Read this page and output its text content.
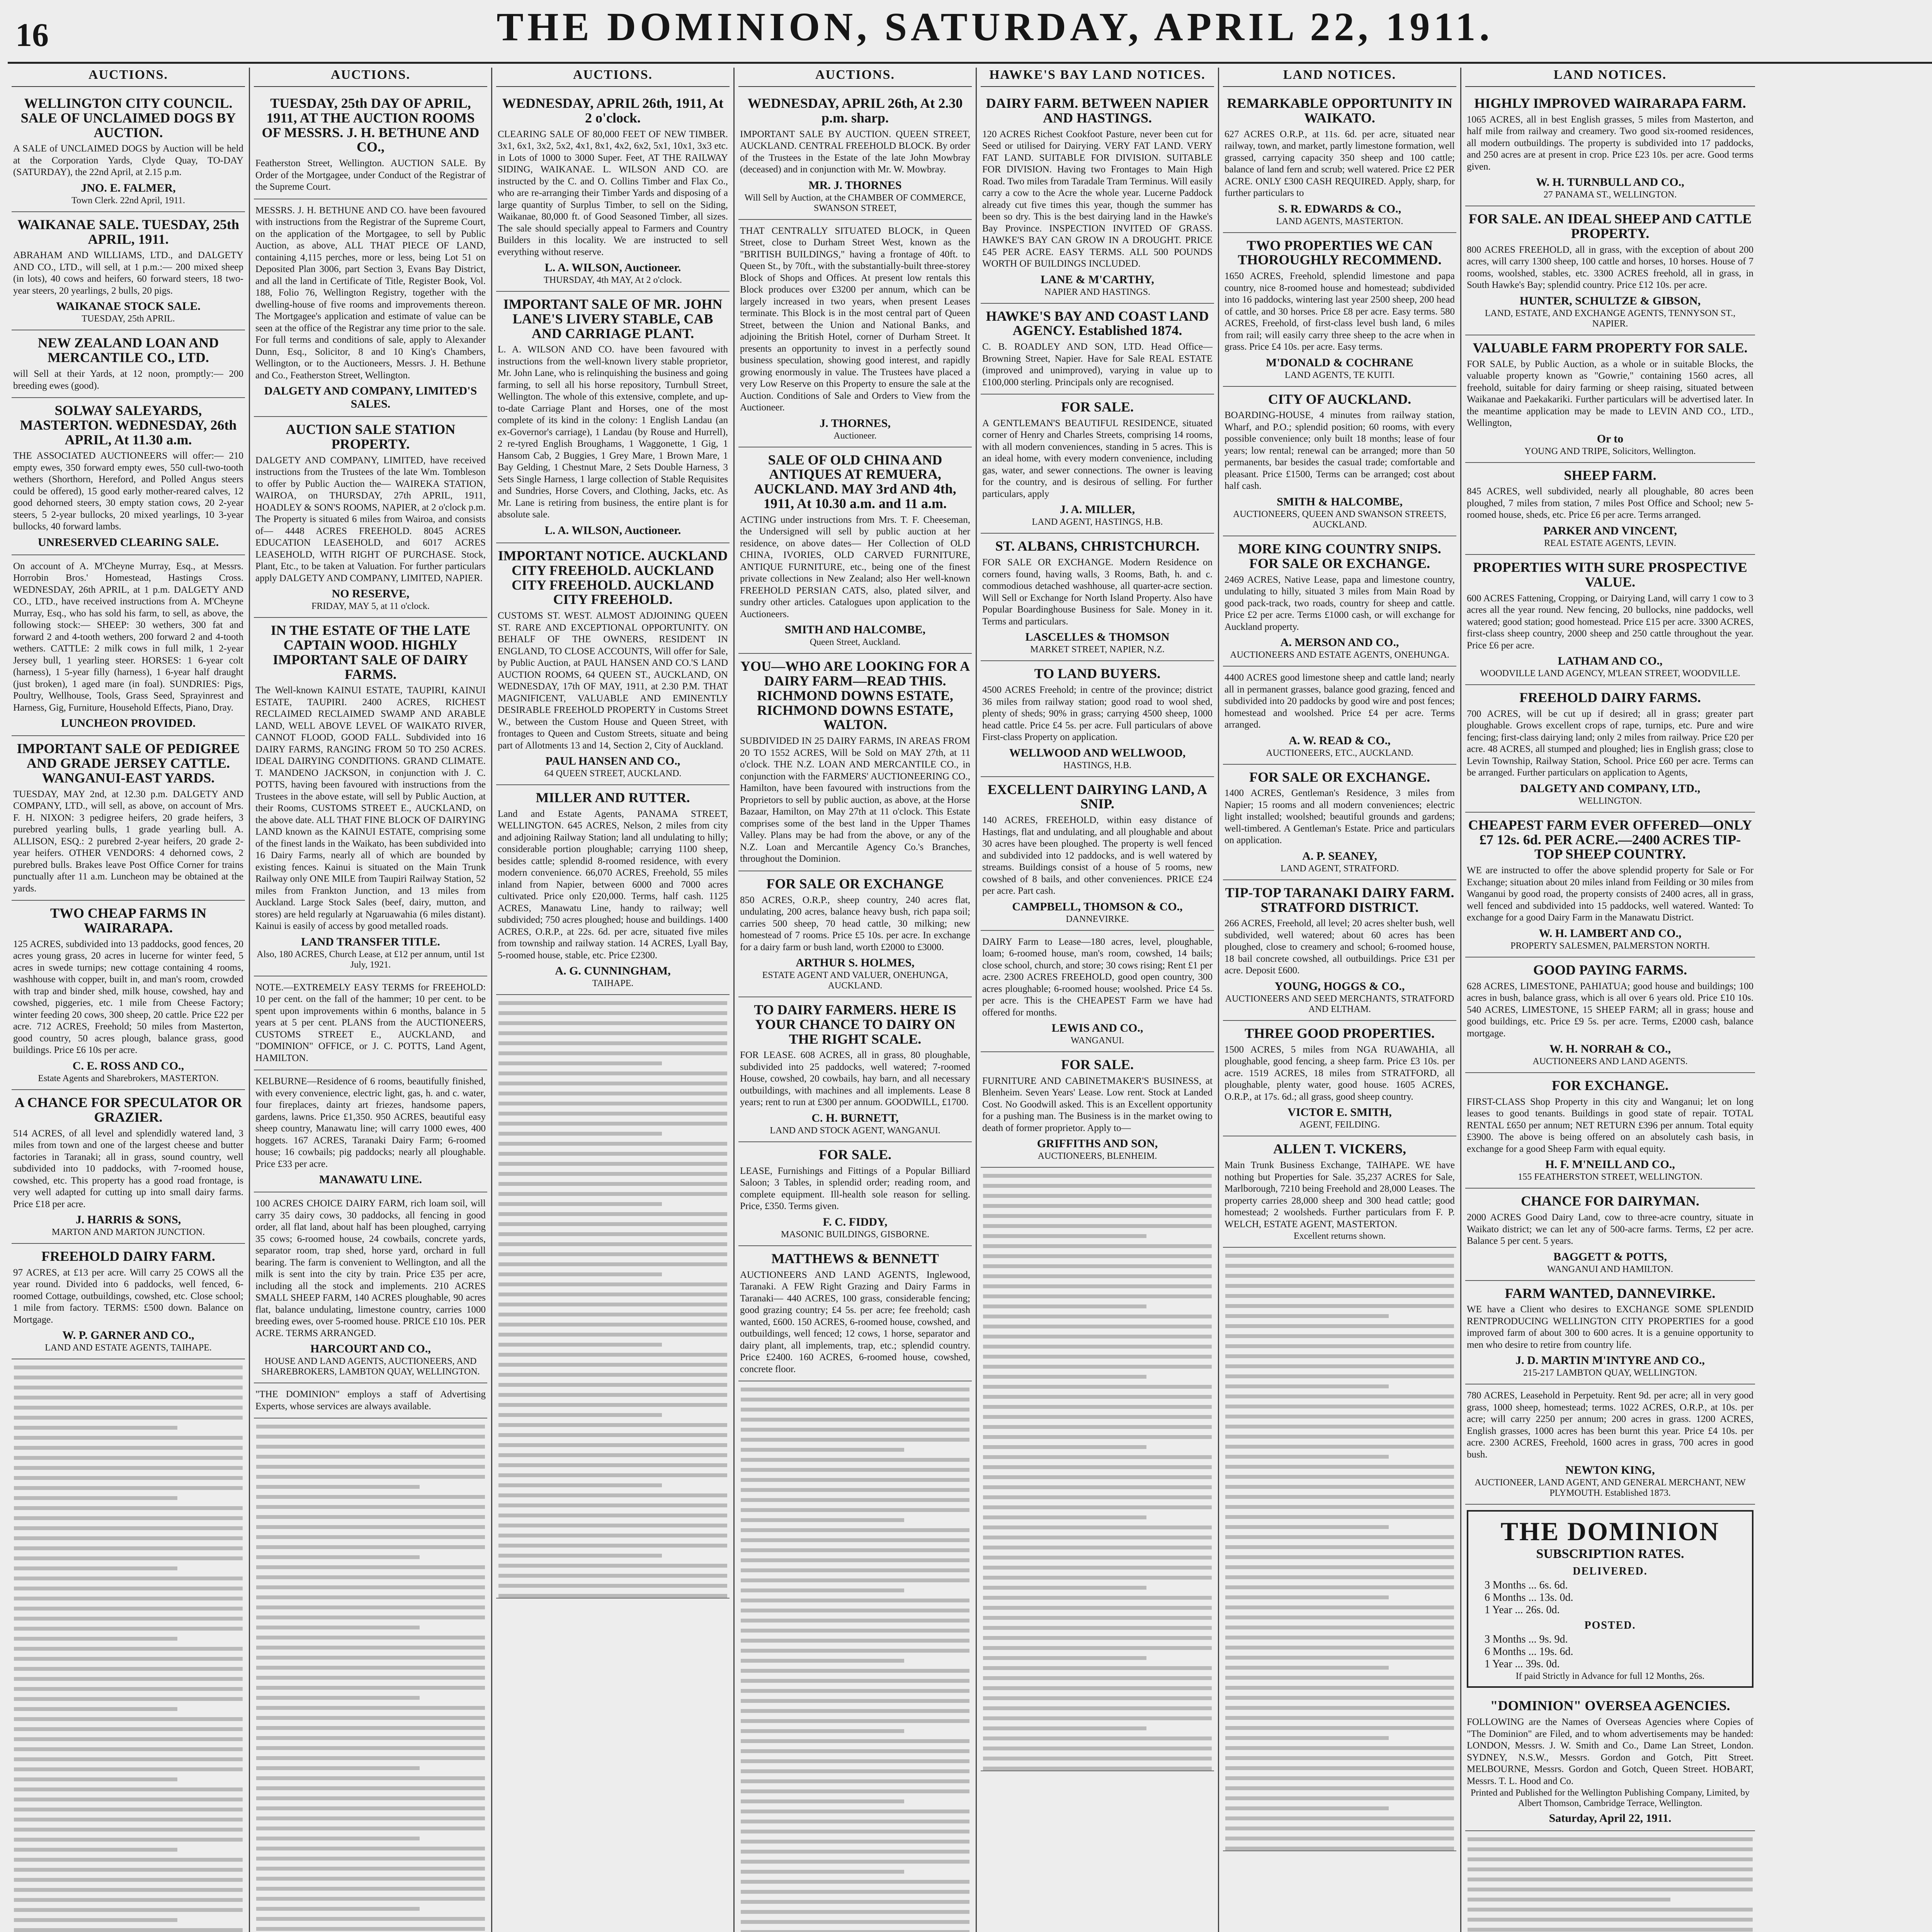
16	THE DOMINION, SATURDAY, APRIL 22, 1911.
AUCTIONS.
WELLINGTON CITY COUNCIL. SALE OF UNCLAIMED DOGS BY AUCTION.
A SALE of UNCLAIMED DOGS by Auction will be held at the Corporation Yards, Clyde Quay, TO-DAY (SATURDAY), the 22nd April, at 2.15 p.m.
JNO. E. FALMER,
Town Clerk. 22nd April, 1911.
WAIKANAE SALE. TUESDAY, 25th APRIL, 1911.
ABRAHAM AND WILLIAMS, LTD., and DALGETY AND CO., LTD., will sell, at 1 p.m.:— 200 mixed sheep (in lots), 40 cows and heifers, 60 forward steers, 18 two-year steers, 20 yearlings, 2 bulls, 20 pigs.
WAIKANAE STOCK SALE.
TUESDAY, 25th APRIL.
NEW ZEALAND LOAN AND MERCANTILE CO., LTD.
will Sell at their Yards, at 12 noon, promptly:— 200 breeding ewes (good).
SOLWAY SALEYARDS, MASTERTON. WEDNESDAY, 26th APRIL, At 11.30 a.m.
THE ASSOCIATED AUCTIONEERS will offer:— 210 empty ewes, 350 forward empty ewes, 550 cull-two-tooth wethers (Shorthorn, Hereford, and Polled Angus steers could be offered), 15 good early mother-reared calves, 12 good dehorned steers, 30 empty station cows, 20 2-year steers, 5 2-year bullocks, 20 mixed yearlings, 10 3-year bullocks, 40 forward lambs.
UNRESERVED CLEARING SALE.
On account of A. M'Cheyne Murray, Esq., at Messrs. Horrobin Bros.' Homestead, Hastings Cross. WEDNESDAY, 26th APRIL, at 1 p.m. DALGETY AND CO., LTD., have received instructions from A. M'Cheyne Murray, Esq., who has sold his farm, to sell, as above, the following stock:— SHEEP: 30 wethers, 300 fat and forward 2 and 4-tooth wethers, 200 forward 2 and 4-tooth wethers. CATTLE: 2 milk cows in full milk, 1 2-year Jersey bull, 1 yearling steer. HORSES: 1 6-year colt (harness), 1 5-year filly (harness), 1 6-year half draught (just broken), 1 aged mare (in foal). SUNDRIES: Pigs, Poultry, Wellhouse, Tools, Grass Seed, Sprayinrest and Harness, Gig, Furniture, Household Effects, Piano, Dray.
LUNCHEON PROVIDED.
IMPORTANT SALE OF PEDIGREE AND GRADE JERSEY CATTLE. WANGANUI-EAST YARDS.
TUESDAY, MAY 2nd, at 12.30 p.m. DALGETY AND COMPANY, LTD., will sell, as above, on account of Mrs. F. H. NIXON: 3 pedigree heifers, 20 grade heifers, 3 purebred yearling bulls, 1 grade yearling bull. A. ALLISON, ESQ.: 2 purebred 2-year heifers, 20 grade 2-year heifers. OTHER VENDORS: 4 dehorned cows, 2 purebred bulls. Brakes leave Post Office Corner for trains punctually after 11 a.m. Luncheon may be obtained at the yards.
TWO CHEAP FARMS IN WAIRARAPA.
125 ACRES, subdivided into 13 paddocks, good fences, 20 acres young grass, 20 acres in lucerne for winter feed, 5 acres in swede turnips; new cottage containing 4 rooms, washhouse with copper, built in, and man's room, crowded with trap and binder shed, milk house, cowshed, hay and cowshed, piggeries, etc. 1 mile from Cheese Factory; winter feeding 20 cows, 300 sheep, 20 cattle. Price £22 per acre. 712 ACRES, Freehold; 50 miles from Masterton, good country, 50 acres plough, balance grass, good buildings. Price £6 10s per acre.
C. E. ROSS AND CO.,
Estate Agents and Sharebrokers, MASTERTON.
A CHANCE FOR SPECULATOR OR GRAZIER.
514 ACRES, of all level and splendidly watered land, 3 miles from town and one of the largest cheese and butter factories in Taranaki; all in grass, sound country, well subdivided into 10 paddocks, with 7-roomed house, cowshed, etc. This property has a good road frontage, is very well adapted for cutting up into small dairy farms. Price £18 per acre.
J. HARRIS & SONS,
MARTON AND MARTON JUNCTION.
FREEHOLD DAIRY FARM.
97 ACRES, at £13 per acre. Will carry 25 COWS all the year round. Divided into 6 paddocks, well fenced, 6-roomed Cottage, outbuildings, cowshed, etc. Close school; 1 mile from factory. TERMS: £500 down. Balance on Mortgage.
W. P. GARNER AND CO.,
LAND AND ESTATE AGENTS, TAIHAPE.
AUCTIONS.
TUESDAY, 25th DAY OF APRIL, 1911, AT THE AUCTION ROOMS OF MESSRS. J. H. BETHUNE AND CO.,
Featherston Street, Wellington. AUCTION SALE. By Order of the Mortgagee, under Conduct of the Registrar of the Supreme Court.
MESSRS. J. H. BETHUNE AND CO. have been favoured with instructions from the Registrar of the Supreme Court, on the application of the Mortgagee, to sell by Public Auction, as above, ALL THAT PIECE OF LAND, containing 4,115 perches, more or less, being Lot 51 on Deposited Plan 3006, part Section 3, Evans Bay District, and all the land in Certificate of Title, Register Book, Vol. 188, Folio 76, Wellington Registry, together with the dwelling-house of five rooms and improvements thereon. The Mortgagee's application and estimate of value can be seen at the office of the Registrar any time prior to the sale. For full terms and conditions of sale, apply to Alexander Dunn, Esq., Solicitor, 8 and 10 King's Chambers, Wellington, or to the Auctioneers, Messrs. J. H. Bethune and Co., Featherston Street, Wellington.
DALGETY AND COMPANY, LIMITED'S SALES.
AUCTION SALE STATION PROPERTY.
DALGETY AND COMPANY, LIMITED, have received instructions from the Trustees of the late Wm. Tombleson to offer by Public Auction the— WAIREKA STATION, WAIROA, on THURSDAY, 27th APRIL, 1911, HOADLEY & SON'S ROOMS, NAPIER, at 2 o'clock p.m. The Property is situated 6 miles from Wairoa, and consists of— 4448 ACRES FREEHOLD. 8045 ACRES EDUCATION LEASEHOLD, and 6017 ACRES LEASEHOLD, WITH RIGHT OF PURCHASE. Stock, Plant, Etc., to be taken at Valuation. For further particulars apply DALGETY AND COMPANY, LIMITED, NAPIER.
NO RESERVE,
FRIDAY, MAY 5, at 11 o'clock.
IN THE ESTATE OF THE LATE CAPTAIN WOOD. HIGHLY IMPORTANT SALE OF DAIRY FARMS.
The Well-known KAINUI ESTATE, TAUPIRI, KAINUI ESTATE, TAUPIRI. 2400 ACRES, RICHEST RECLAIMED RECLAIMED SWAMP AND ARABLE LAND, WELL ABOVE LEVEL OF WAIKATO RIVER, CANNOT FLOOD, GOOD FALL. Subdivided into 16 DAIRY FARMS, RANGING FROM 50 TO 250 ACRES. IDEAL DAIRYING CONDITIONS. GRAND CLIMATE. T. MANDENO JACKSON, in conjunction with J. C. POTTS, having been favoured with instructions from the Trustees in the above estate, will sell by Public Auction, at their Rooms, CUSTOMS STREET E., AUCKLAND, on the above date. ALL THAT FINE BLOCK OF DAIRYING LAND known as the KAINUI ESTATE, comprising some of the finest lands in the Waikato, has been subdivided into 16 Dairy Farms, nearly all of which are bounded by existing fences. Kainui is situated on the Main Trunk Railway only ONE MILE from Taupiri Railway Station, 52 miles from Frankton Junction, and 13 miles from Auckland. Large Stock Sales (beef, dairy, mutton, and stores) are held regularly at Ngaruawahia (6 miles distant). Kainui is easily of access by good metalled roads.
LAND TRANSFER TITLE.
Also, 180 ACRES, Church Lease, at £12 per annum, until 1st July, 1921.
NOTE.—EXTREMELY EASY TERMS for FREEHOLD: 10 per cent. on the fall of the hammer; 10 per cent. to be spent upon improvements within 6 months, balance in 5 years at 5 per cent. PLANS from the AUCTIONEERS, CUSTOMS STREET E., AUCKLAND, and "DOMINION" OFFICE, or J. C. POTTS, Land Agent, HAMILTON.
KELBURNE—Residence of 6 rooms, beautifully finished, with every convenience, electric light, gas, h. and c. water, four fireplaces, dainty art friezes, handsome papers, gardens, lawns. Price £1,350. 950 ACRES, beautiful easy sheep country, Manawatu line; will carry 1000 ewes, 400 hoggets. 167 ACRES, Taranaki Dairy Farm; 6-roomed house; 16 cowbails; pig paddocks; nearly all ploughable. Price £33 per acre.
MANAWATU LINE.
100 ACRES CHOICE DAIRY FARM, rich loam soil, will carry 35 dairy cows, 30 paddocks, all fencing in good order, all flat land, about half has been ploughed, carrying 35 cows; 6-roomed house, 24 cowbails, concrete yards, separator room, trap shed, horse yard, orchard in full bearing. The farm is convenient to Wellington, and all the milk is sent into the city by train. Price £35 per acre, including all the stock and implements. 210 ACRES SMALL SHEEP FARM, 140 ACRES ploughable, 90 acres flat, balance undulating, limestone country, carries 1000 breeding ewes, over 5-roomed house. PRICE £10 10s. PER ACRE. TERMS ARRANGED.
HARCOURT AND CO.,
HOUSE AND LAND AGENTS, AUCTIONEERS, AND SHAREBROKERS, LAMBTON QUAY, WELLINGTON.
"THE DOMINION" employs a staff of Advertising Experts, whose services are always available.
AUCTIONS.
WEDNESDAY, APRIL 26th, 1911, At 2 o'clock.
CLEARING SALE OF 80,000 FEET OF NEW TIMBER. 3x1, 6x1, 3x2, 5x2, 4x1, 8x1, 4x2, 6x2, 5x1, 10x1, 3x3 etc. in Lots of 1000 to 3000 Super. Feet, AT THE RAILWAY SIDING, WAIKANAE. L. WILSON AND CO. are instructed by the C. and O. Collins Timber and Flax Co., who are re-arranging their Timber Yards and disposing of a large quantity of Surplus Timber, to sell on the Siding, Waikanae, 80,000 ft. of Good Seasoned Timber, all sizes. The sale should specially appeal to Farmers and Country Builders in this locality. We are instructed to sell everything without reserve.
L. A. WILSON, Auctioneer.
THURSDAY, 4th MAY, At 2 o'clock.
IMPORTANT SALE OF MR. JOHN LANE'S LIVERY STABLE, CAB AND CARRIAGE PLANT.
L. A. WILSON AND CO. have been favoured with instructions from the well-known livery stable proprietor, Mr. John Lane, who is relinquishing the business and going farming, to sell all his horse repository, Turnbull Street, Wellington. The whole of this extensive, complete, and up-to-date Carriage Plant and Horses, one of the most complete of its kind in the colony: 1 English Landau (an ex-Governor's carriage), 1 Landau (by Rouse and Hurrell), 2 re-tyred English Broughams, 1 Waggonette, 1 Gig, 1 Hansom Cab, 2 Buggies, 1 Grey Mare, 1 Brown Mare, 1 Bay Gelding, 1 Chestnut Mare, 2 Sets Double Harness, 3 Sets Single Harness, 1 large collection of Stable Requisites and Sundries, Horse Covers, and Clothing, Jacks, etc. As Mr. Lane is retiring from business, the entire plant is for absolute sale.
L. A. WILSON, Auctioneer.
IMPORTANT NOTICE. AUCKLAND CITY FREEHOLD. AUCKLAND CITY FREEHOLD. AUCKLAND CITY FREEHOLD.
CUSTOMS ST. WEST. ALMOST ADJOINING QUEEN ST. RARE AND EXCEPTIONAL OPPORTUNITY. ON BEHALF OF THE OWNERS, RESIDENT IN ENGLAND, TO CLOSE ACCOUNTS, Will offer for Sale, by Public Auction, at PAUL HANSEN AND CO.'S LAND AUCTION ROOMS, 64 QUEEN ST., AUCKLAND, ON WEDNESDAY, 17th OF MAY, 1911, at 2.30 P.M. THAT MAGNIFICENT, VALUABLE AND EMINENTLY DESIRABLE FREEHOLD PROPERTY in Customs Street W., between the Custom House and Queen Street, with frontages to Queen and Custom Streets, situate and being part of Allotments 13 and 14, Section 2, City of Auckland.
PAUL HANSEN AND CO.,
64 QUEEN STREET, AUCKLAND.
MILLER AND RUTTER.
Land and Estate Agents, PANAMA STREET, WELLINGTON. 645 ACRES, Nelson, 2 miles from city and adjoining Railway Station; land all undulating to hilly; considerable portion ploughable; carrying 1100 sheep, besides cattle; splendid 8-roomed residence, with every modern convenience. 66,070 ACRES, Freehold, 55 miles inland from Napier, between 6000 and 7000 acres cultivated. Price only £20,000. Terms, half cash. 1125 ACRES, Manawatu Line, handy to railway; well subdivided; 750 acres ploughed; house and buildings. 1400 ACRES, O.R.P., at 22s. 6d. per acre, situated five miles from township and railway station. 14 ACRES, Lyall Bay, 5-roomed house, stable, etc. Price £2300.
A. G. CUNNINGHAM,
TAIHAPE.
AUCTIONS.
WEDNESDAY, APRIL 26th, At 2.30 p.m. sharp.
IMPORTANT SALE BY AUCTION. QUEEN STREET, AUCKLAND. CENTRAL FREEHOLD BLOCK. By order of the Trustees in the Estate of the late John Mowbray (deceased) and in conjunction with Mr. W. Mowbray.
MR. J. THORNES
Will Sell by Auction, at the CHAMBER OF COMMERCE, SWANSON STREET,
THAT CENTRALLY SITUATED BLOCK, in Queen Street, close to Durham Street West, known as the "BRITISH BUILDINGS," having a frontage of 40ft. to Queen St., by 70ft., with the substantially-built three-storey Block of Shops and Offices. At present low rentals this Block produces over £3200 per annum, which can be largely increased in two years, when present Leases terminate. This Block is in the most central part of Queen Street, between the Union and National Banks, and adjoining the British Hotel, corner of Durham Street. It presents an opportunity to invest in a perfectly sound business speculation, showing good interest, and rapidly growing enormously in value. The Trustees have placed a very Low Reserve on this Property to ensure the sale at the Auction. Conditions of Sale and Orders to View from the Auctioneer.
J. THORNES,
Auctioneer.
SALE OF OLD CHINA AND ANTIQUES AT REMUERA, AUCKLAND. MAY 3rd AND 4th, 1911, At 10.30 a.m. and 11 a.m.
ACTING under instructions from Mrs. T. F. Cheeseman, the Undersigned will sell by public auction at her residence, on above dates— Her Collection of OLD CHINA, IVORIES, OLD CARVED FURNITURE, ANTIQUE FURNITURE, etc., being one of the finest private collections in New Zealand; also Her well-known FREEHOLD PERSIAN CATS, also, plated silver, and sundry other articles. Catalogues upon application to the Auctioneers.
SMITH AND HALCOMBE,
Queen Street, Auckland.
YOU—WHO ARE LOOKING FOR A DAIRY FARM—READ THIS. RICHMOND DOWNS ESTATE, RICHMOND DOWNS ESTATE, WALTON.
SUBDIVIDED IN 25 DAIRY FARMS, IN AREAS FROM 20 TO 1552 ACRES, Will be Sold on MAY 27th, at 11 o'clock. THE N.Z. LOAN AND MERCANTILE CO., in conjunction with the FARMERS' AUCTIONEERING CO., Hamilton, have been favoured with instructions from the Proprietors to sell by public auction, as above, at the Horse Bazaar, Hamilton, on May 27th at 11 o'clock. This Estate comprises some of the best land in the Upper Thames Valley. Plans may be had from the above, or any of the N.Z. Loan and Mercantile Agency Co.'s Branches, throughout the Dominion.
FOR SALE OR EXCHANGE
850 ACRES, O.R.P., sheep country, 240 acres flat, undulating, 200 acres, balance heavy bush, rich papa soil; carries 500 sheep, 70 head cattle, 30 milking; new homestead of 7 rooms. Price £5 10s. per acre. In exchange for a dairy farm or bush land, worth £2000 to £3000.
ARTHUR S. HOLMES,
ESTATE AGENT AND VALUER, ONEHUNGA, AUCKLAND.
TO DAIRY FARMERS. HERE IS YOUR CHANCE TO DAIRY ON THE RIGHT SCALE.
FOR LEASE. 608 ACRES, all in grass, 80 ploughable, subdivided into 25 paddocks, well watered; 7-roomed House, cowshed, 20 cowbails, hay barn, and all necessary outbuildings, with machines and all implements. Lease 8 years; rent to run at £300 per annum. GOODWILL, £1700.
C. H. BURNETT,
LAND AND STOCK AGENT, WANGANUI.
FOR SALE.
LEASE, Furnishings and Fittings of a Popular Billiard Saloon; 3 Tables, in splendid order; reading room, and complete equipment. Ill-health sole reason for selling. Price, £350. Terms given.
F. C. FIDDY,
MASONIC BUILDINGS, GISBORNE.
MATTHEWS & BENNETT
AUCTIONEERS AND LAND AGENTS, Inglewood, Taranaki. A FEW Right Grazing and Dairy Farms in Taranaki— 440 ACRES, 100 grass, considerable fencing; good grazing country; £4 5s. per acre; fee freehold; cash wanted, £600. 150 ACRES, 6-roomed house, cowshed, and outbuildings, well fenced; 12 cows, 1 horse, separator and dairy plant, all implements, trap, etc.; splendid country. Price £2400. 160 ACRES, 6-roomed house, cowshed, concrete floor.
HAWKE'S BAY LAND NOTICES.
DAIRY FARM. BETWEEN NAPIER AND HASTINGS.
120 ACRES Richest Cookfoot Pasture, never been cut for Seed or utilised for Dairying. VERY FAT LAND. VERY FAT LAND. SUITABLE FOR DIVISION. SUITABLE FOR DIVISION. Having two Frontages to Main High Road. Two miles from Taradale Tram Terminus. Will easily carry a cow to the Acre the whole year. Lucerne Paddock already cut five times this year, though the summer has been so dry. This is the best dairying land in the Hawke's Bay Province. INSPECTION INVITED OF GRASS. HAWKE'S BAY CAN GROW IN A DROUGHT. PRICE £45 PER ACRE. EASY TERMS. ALL 500 POUNDS WORTH OF BUILDINGS INCLUDED.
LANE & M'CARTHY,
NAPIER AND HASTINGS.
HAWKE'S BAY AND COAST LAND AGENCY. Established 1874.
C. B. ROADLEY AND SON, LTD. Head Office—Browning Street, Napier. Have for Sale REAL ESTATE (improved and unimproved), varying in value up to £100,000 sterling. Principals only are recognised.
FOR SALE.
A GENTLEMAN'S BEAUTIFUL RESIDENCE, situated corner of Henry and Charles Streets, comprising 14 rooms, with all modern conveniences, standing in 5 acres. This is an ideal home, with every modern convenience, including gas, water, and sewer connections. The owner is leaving for the country, and is desirous of selling. For further particulars, apply
J. A. MILLER,
LAND AGENT, HASTINGS, H.B.
ST. ALBANS, CHRISTCHURCH.
FOR SALE OR EXCHANGE. Modern Residence on corners found, having walls, 3 Rooms, Bath, h. and c. commodious detached washhouse, all quarter-acre section. Will Sell or Exchange for North Island Property. Also have Popular Boardinghouse Business for Sale. Money in it. Terms and particulars.
LASCELLES & THOMSON
MARKET STREET, NAPIER, N.Z.
TO LAND BUYERS.
4500 ACRES Freehold; in centre of the province; district 36 miles from railway station; good road to wool shed, plenty of sheds; 90% in grass; carrying 4500 sheep, 1000 head cattle. Price £4 5s. per acre. Full particulars of above First-class Property on application.
WELLWOOD AND WELLWOOD,
HASTINGS, H.B.
EXCELLENT DAIRYING LAND, A SNIP.
140 ACRES, FREEHOLD, within easy distance of Hastings, flat and undulating, and all ploughable and about 30 acres have been ploughed. The property is well fenced and subdivided into 12 paddocks, and is well watered by streams. Buildings consist of a house of 5 rooms, new cowshed of 8 bails, and other conveniences. PRICE £24 per acre. Part cash.
CAMPBELL, THOMSON & CO.,
DANNEVIRKE.
DAIRY Farm to Lease—180 acres, level, ploughable, loam; 6-roomed house, man's room, cowshed, 14 bails; close school, church, and store; 30 cows rising; Rent £1 per acre. 2300 ACRES FREEHOLD, good open country, 300 acres ploughable; 6-roomed house; woolshed. Price £4 5s. per acre. This is the CHEAPEST Farm we have had offered for months.
LEWIS AND CO.,
WANGANUI.
FOR SALE.
FURNITURE AND CABINETMAKER'S BUSINESS, at Blenheim. Seven Years' Lease. Low rent. Stock at Landed Cost. No Goodwill asked. This is an Excellent opportunity for a pushing man. The Business is in the market owing to death of former proprietor. Apply to—
GRIFFITHS AND SON,
AUCTIONEERS, BLENHEIM.
LAND NOTICES.
REMARKABLE OPPORTUNITY IN WAIKATO.
627 ACRES O.R.P., at 11s. 6d. per acre, situated near railway, town, and market, partly limestone formation, well grassed, carrying capacity 350 sheep and 100 cattle; balance of land fern and scrub; well watered. Price £2 PER ACRE. ONLY £300 CASH REQUIRED. Apply, sharp, for further particulars to
S. R. EDWARDS & CO.,
LAND AGENTS, MASTERTON.
TWO PROPERTIES WE CAN THOROUGHLY RECOMMEND.
1650 ACRES, Freehold, splendid limestone and papa country, nice 8-roomed house and homestead; subdivided into 16 paddocks, wintering last year 2500 sheep, 200 head of cattle, and 30 horses. Price £8 per acre. Easy terms. 580 ACRES, Freehold, of first-class level bush land, 6 miles from rail; will easily carry three sheep to the acre when in grass. Price £4 10s. per acre. Easy terms.
M'DONALD & COCHRANE
LAND AGENTS, TE KUITI.
CITY OF AUCKLAND.
BOARDING-HOUSE, 4 minutes from railway station, Wharf, and P.O.; splendid position; 60 rooms, with every possible convenience; only built 18 months; lease of four years; low rental; renewal can be arranged; more than 50 permanents, bar besides the casual trade; comfortable and pleasant. Price £1500, Terms can be arranged; cost about half cash.
SMITH & HALCOMBE,
AUCTIONEERS, QUEEN AND SWANSON STREETS, AUCKLAND.
MORE KING COUNTRY SNIPS. FOR SALE OR EXCHANGE.
2469 ACRES, Native Lease, papa and limestone country, undulating to hilly, situated 3 miles from Main Road by good pack-track, two roads, country for sheep and cattle. Price £2 per acre. Terms £1000 cash, or will exchange for Auckland property.
A. MERSON AND CO.,
AUCTIONEERS AND ESTATE AGENTS, ONEHUNGA.
4400 ACRES good limestone sheep and cattle land; nearly all in permanent grasses, balance good grazing, fenced and subdivided into 20 paddocks by good wire and post fences; homestead and woolshed. Price £4 per acre. Terms arranged.
A. W. READ & CO.,
AUCTIONEERS, ETC., AUCKLAND.
FOR SALE OR EXCHANGE.
1400 ACRES, Gentleman's Residence, 3 miles from Napier; 15 rooms and all modern conveniences; electric light installed; woolshed; beautiful grounds and gardens; well-timbered. A Gentleman's Estate. Price and particulars on application.
A. P. SEANEY,
LAND AGENT, STRATFORD.
TIP-TOP TARANAKI DAIRY FARM. STRATFORD DISTRICT.
266 ACRES, Freehold, all level; 20 acres shelter bush, well subdivided, well watered; about 60 acres has been ploughed, close to creamery and school; 6-roomed house, 18 bail concrete cowshed, all outbuildings. Price £31 per acre. Deposit £600.
YOUNG, HOGGS & CO.,
AUCTIONEERS AND SEED MERCHANTS, STRATFORD AND ELTHAM.
THREE GOOD PROPERTIES.
1500 ACRES, 5 miles from NGA RUAWAHIA, all ploughable, good fencing, a sheep farm. Price £3 10s. per acre. 1519 ACRES, 18 miles from STRATFORD, all ploughable, plenty water, good house. 1605 ACRES, O.R.P., at 17s. 6d.; all grass, good sheep country.
VICTOR E. SMITH,
AGENT, FEILDING.
ALLEN T. VICKERS,
Main Trunk Business Exchange, TAIHAPE. WE have nothing but Properties for Sale. 35,237 ACRES for Sale, Marlborough, 7210 being Freehold and 28,000 Leases. The property carries 28,000 sheep and 300 head cattle; good homestead; 2 woolsheds. Further particulars from F. P. WELCH, ESTATE AGENT, MASTERTON.
Excellent returns shown.
LAND NOTICES.
HIGHLY IMPROVED WAIRARAPA FARM.
1065 ACRES, all in best English grasses, 5 miles from Masterton, and half mile from railway and creamery. Two good six-roomed residences, all modern outbuildings. The property is subdivided into 17 paddocks, and 250 acres are at present in crop. Price £23 10s. per acre. Good terms given.
W. H. TURNBULL AND CO.,
27 PANAMA ST., WELLINGTON.
FOR SALE. AN IDEAL SHEEP AND CATTLE PROPERTY.
800 ACRES FREEHOLD, all in grass, with the exception of about 200 acres, will carry 1300 sheep, 100 cattle and horses, 10 horses. House of 7 rooms, woolshed, stables, etc. 3300 ACRES freehold, all in grass, in South Hawke's Bay; splendid country. Price £12 10s. per acre.
HUNTER, SCHULTZE & GIBSON,
LAND, ESTATE, AND EXCHANGE AGENTS, TENNYSON ST., NAPIER.
VALUABLE FARM PROPERTY FOR SALE.
FOR SALE, by Public Auction, as a whole or in suitable Blocks, the valuable property known as "Gowrie," containing 1560 acres, all freehold, suitable for dairy farming or sheep raising, situated between Waikanae and Paekakariki. Further particulars will be advertised later. In the meantime application may be made to LEVIN AND CO., LTD., Wellington,
Or to
YOUNG AND TRIPE, Solicitors, Wellington.
SHEEP FARM.
845 ACRES, well subdivided, nearly all ploughable, 80 acres been ploughed, 7 miles from station, 7 miles Post Office and School; new 5-roomed house, sheds, etc. Price £6 per acre. Terms arranged.
PARKER AND VINCENT,
REAL ESTATE AGENTS, LEVIN.
PROPERTIES WITH SURE PROSPECTIVE VALUE.
600 ACRES Fattening, Cropping, or Dairying Land, will carry 1 cow to 3 acres all the year round. New fencing, 20 bullocks, nine paddocks, well watered; good station; good homestead. Price £15 per acre. 3300 ACRES, first-class sheep country, 2000 sheep and 250 cattle throughout the year. Price £6 per acre.
LATHAM AND CO.,
WOODVILLE LAND AGENCY, M'LEAN STREET, WOODVILLE.
FREEHOLD DAIRY FARMS.
700 ACRES, will be cut up if desired; all in grass; greater part ploughable. Grows excellent crops of rape, turnips, etc. Pure and wire fencing; first-class dairying land; only 2 miles from railway. Price £20 per acre. 48 ACRES, all stumped and ploughed; lies in English grass; close to Levin Township, Railway Station, School. Price £60 per acre. Terms can be arranged. Further particulars on application to Agents,
DALGETY AND COMPANY, LTD.,
WELLINGTON.
CHEAPEST FARM EVER OFFERED—ONLY £7 12s. 6d. PER ACRE.—2400 ACRES TIP-TOP SHEEP COUNTRY.
WE are instructed to offer the above splendid property for Sale or For Exchange; situation about 20 miles inland from Feilding or 30 miles from Wanganui by good road, the property consists of 2400 acres, all in grass, well fenced and subdivided into 15 paddocks, well watered. Wanted: To exchange for a good Dairy Farm in the Manawatu District.
W. H. LAMBERT AND CO.,
PROPERTY SALESMEN, PALMERSTON NORTH.
GOOD PAYING FARMS.
628 ACRES, LIMESTONE, PAHIATUA; good house and buildings; 100 acres in bush, balance grass, which is all over 6 years old. Price £10 10s. 540 ACRES, LIMESTONE, 15 SHEEP FARM; all in grass; house and good buildings, etc. Price £9 5s. per acre. Terms, £2000 cash, balance mortgage.
W. H. NORRAH & CO.,
AUCTIONEERS AND LAND AGENTS.
FOR EXCHANGE.
FIRST-CLASS Shop Property in this city and Wanganui; let on long leases to good tenants. Buildings in good state of repair. TOTAL RENTAL £650 per annum; NET RETURN £396 per annum. Total equity £3900. The above is being offered on an absolutely cash basis, in exchange for a good Sheep Farm with equal equity.
H. F. M'NEILL AND CO.,
155 FEATHERSTON STREET, WELLINGTON.
CHANCE FOR DAIRYMAN.
2000 ACRES Good Dairy Land, cow to three-acre country, situate in Waikato district; we can let any of 500-acre farms. Terms, £2 per acre. Balance 5 per cent. 5 years.
BAGGETT & POTTS,
WANGANUI AND HAMILTON.
FARM WANTED, DANNEVIRKE.
WE have a Client who desires to EXCHANGE SOME SPLENDID RENTPRODUCING WELLINGTON CITY PROPERTIES for a good improved farm of about 300 to 600 acres. It is a genuine opportunity to men who desire to retire from country life.
J. D. MARTIN M'INTYRE AND CO.,
215-217 LAMBTON QUAY, WELLINGTON.
780 ACRES, Leasehold in Perpetuity. Rent 9d. per acre; all in very good grass, 1000 sheep, homestead; terms. 1022 ACRES, O.R.P., at 10s. per acre; will carry 2250 per annum; 200 acres in grass. 1200 ACRES, English grasses, 1000 acres has been burnt this year. Price £4 10s. per acre. 2300 ACRES, Freehold, 1600 acres in grass, 700 acres in good bush.
NEWTON KING,
AUCTIONEER, LAND AGENT, AND GENERAL MERCHANT, NEW PLYMOUTH. Established 1873.
THE DOMINION
SUBSCRIPTION RATES.
DELIVERED.
3 Months ... 6s. 6d.
6 Months ... 13s. 0d.
1 Year ... 26s. 0d.
POSTED.
3 Months ... 9s. 9d.
6 Months ... 19s. 6d.
1 Year ... 39s. 0d.
If paid Strictly in Advance for full 12 Months, 26s.
"DOMINION" OVERSEA AGENCIES.
FOLLOWING are the Names of Overseas Agencies where Copies of "The Dominion" are Filed, and to whom advertisements may be handed: LONDON, Messrs. J. W. Smith and Co., Dame Lan Street, London. SYDNEY, N.S.W., Messrs. Gordon and Gotch, Pitt Street. MELBOURNE, Messrs. Gordon and Gotch, Queen Street. HOBART, Messrs. T. L. Hood and Co.
Printed and Published for the Wellington Publishing Company, Limited, by Albert Thomson, Cambridge Terrace, Wellington.
Saturday, April 22, 1911.
